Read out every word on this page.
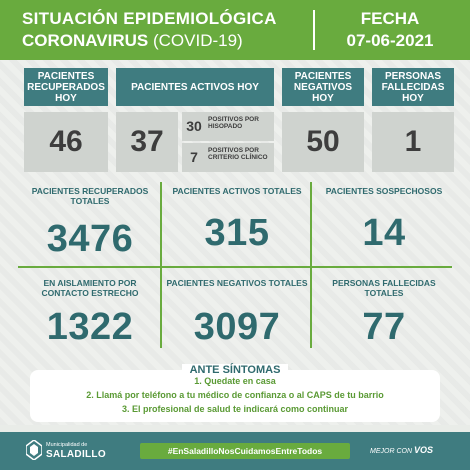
SITUACIÓN EPIDEMIOLÓGICA
CORONAVIRUS (COVID-19)
FECHA
07-06-2021
PACIENTES RECUPERADOS HOY
PACIENTES ACTIVOS HOY
PACIENTES NEGATIVOS HOY
PERSONAS FALLECIDAS HOY
46	37	30 POSITIVOS POR HISOPADO
7	POSITIVOS POR CRITERIO CLÍNICO	50	1
PACIENTES RECUPERADOS TOTALES
3476
PACIENTES ACTIVOS TOTALES
315
PACIENTES SOSPECHOSOS
14
EN AISLAMIENTO POR CONTACTO ESTRECHO
1322
PACIENTES NEGATIVOS TOTALES
3097
PERSONAS FALLECIDAS TOTALES
77
ANTE SÍNTOMAS
1. Quedate en casa
2. Llamá por teléfono a tu médico de confianza o al CAPS de tu barrio
3. El profesional de salud te indicará como continuar
Municipalidad de
SALADILLO	#EnSaladilloNosCuidamosEntreTodos	MEJOR CON VOS
